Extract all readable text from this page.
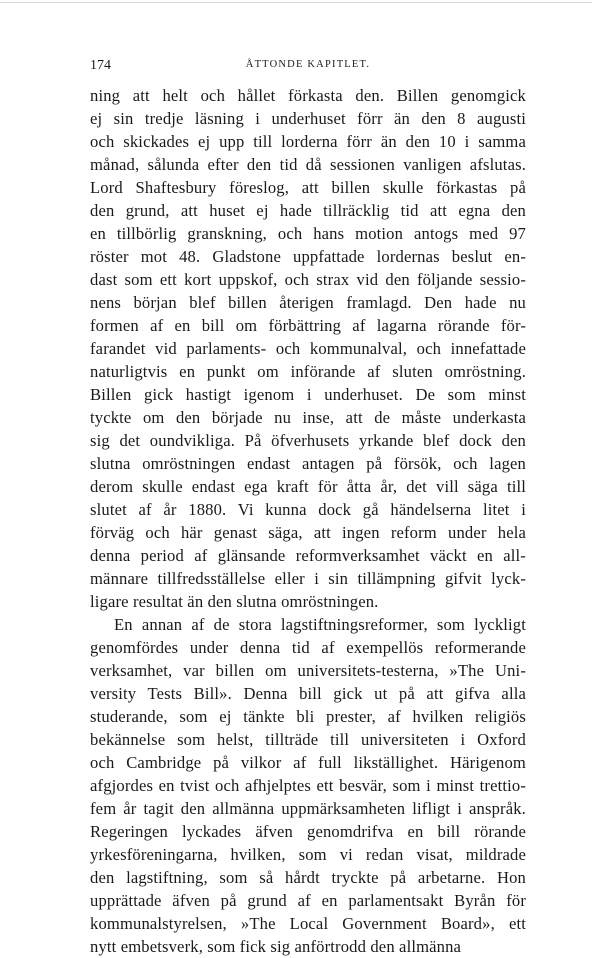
174	ÅTTONDE KAPITLET.
ning att helt och hållet förkasta den. Billen genomgick
ej sin tredje läsning i underhuset förr än den 8 augusti
och skickades ej upp till lorderna förr än den 10 i samma
månad, sålunda efter den tid då sessionen vanligen afslutas.
Lord Shaftesbury föreslog, att billen skulle förkastas på
den grund, att huset ej hade tillräcklig tid att egna den
en tillbörlig granskning, och hans motion antogs med 97
röster mot 48. Gladstone uppfattade lordernas beslut en-
dast som ett kort uppskof, och strax vid den följande sessio-
nens början blef billen återigen framlagd. Den hade nu
formen af en bill om förbättring af lagarna rörande för-
farandet vid parlaments- och kommunalval, och innefattade
naturligtvis en punkt om införande af sluten omröstning.
Billen gick hastigt igenom i underhuset. De som minst
tyckte om den började nu inse, att de måste underkasta
sig det oundvikliga. På öfverhusets yrkande blef dock den
slutna omröstningen endast antagen på försök, och lagen
derom skulle endast ega kraft för åtta år, det vill säga till
slutet af år 1880. Vi kunna dock gå händelserna litet i
förväg och här genast säga, att ingen reform under hela
denna period af glänsande reformverksamhet väckt en all-
männare tillfredsställelse eller i sin tillämpning gifvit lyck-
ligare resultat än den slutna omröstningen.
En annan af de stora lagstiftningsreformer, som lyckligt
genomfördes under denna tid af exempellös reformerande
verksamhet, var billen om universitets-testerna, »The Uni-
versity Tests Bill». Denna bill gick ut på att gifva alla
studerande, som ej tänkte bli prester, af hvilken religiös
bekännelse som helst, tillträde till universiteten i Oxford
och Cambridge på vilkor af full likställighet. Härigenom
afgjordes en tvist och afhjelptes ett besvär, som i minst trettio-
fem år tagit den allmänna uppmärksamheten lifligt i anspråk.
Regeringen lyckades äfven genomdrifva en bill rörande
yrkesföreningarna, hvilken, som vi redan visat, mildrade
den lagstiftning, som så hårdt tryckte på arbetarne. Hon
upprättade äfven på grund af en parlamentsakt Byrån för
kommunalstyrelsen, »The Local Government Board», ett
nytt embetsverk, som fick sig anförtrodd den allmänna
